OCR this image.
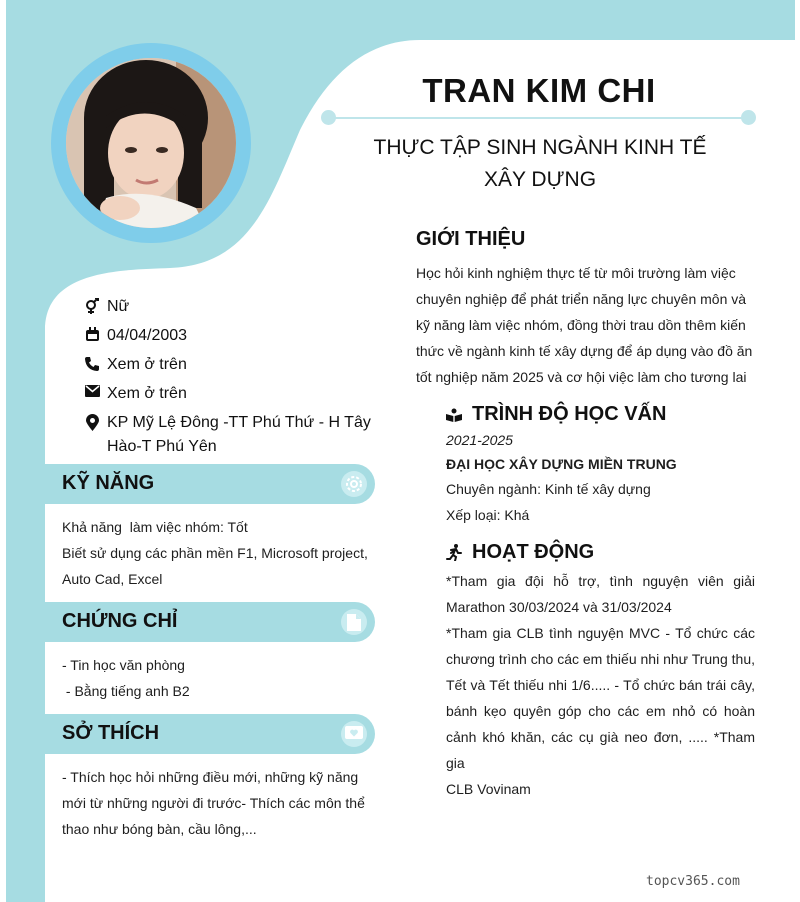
TRAN KIM CHI
THỰC TẬP SINH NGÀNH KINH TẾ
XÂY DỰNG
Nữ
04/04/2003
Xem ở trên
Xem ở trên
KP Mỹ Lệ Đông -TT Phú Thứ - H Tây
Hào-T Phú Yên
KỸ NĂNG
Khả năng  làm việc nhóm: Tốt
Biết sử dụng các phần mền F1, Microsoft project,
Auto Cad, Excel
CHỨNG CHỈ
- Tin học văn phòng
- Bằng tiếng anh B2
SỞ THÍCH
- Thích học hỏi những điều mới, những kỹ năng
mới từ những người đi trước- Thích các môn thể
thao như bóng bàn, cầu lông,...
GIỚI THIỆU
Học hỏi kinh nghiệm thực tế từ môi trường làm việc
chuyên nghiệp để phát triển năng lực chuyên môn và
kỹ năng làm việc nhóm, đồng thời trau dồn thêm kiến
thức về ngành kinh tế xây dựng để áp dụng vào đồ ăn
tốt nghiệp năm 2025 và cơ hội việc làm cho tương lai
TRÌNH ĐỘ HỌC VẤN
2021-2025
ĐẠI HỌC XÂY DỰNG MIỀN TRUNG
Chuyên ngành: Kinh tế xây dựng
Xếp loại: Khá
HOẠT ĐỘNG
*Tham gia đội hỗ trợ, tình nguyện viên giải
Marathon 30/03/2024 và 31/03/2024
*Tham gia CLB tình nguyện MVC - Tổ chức các
chương trình cho các em thiếu nhi như Trung thu,
Tết và Tết thiếu nhi 1/6..... - Tổ chức bán trái cây,
bánh kẹo quyên góp cho các em nhỏ có hoàn
cảnh khó khăn, các cụ già neo đơn, ..... *Tham gia
CLB Vovinam
topcv365.com
